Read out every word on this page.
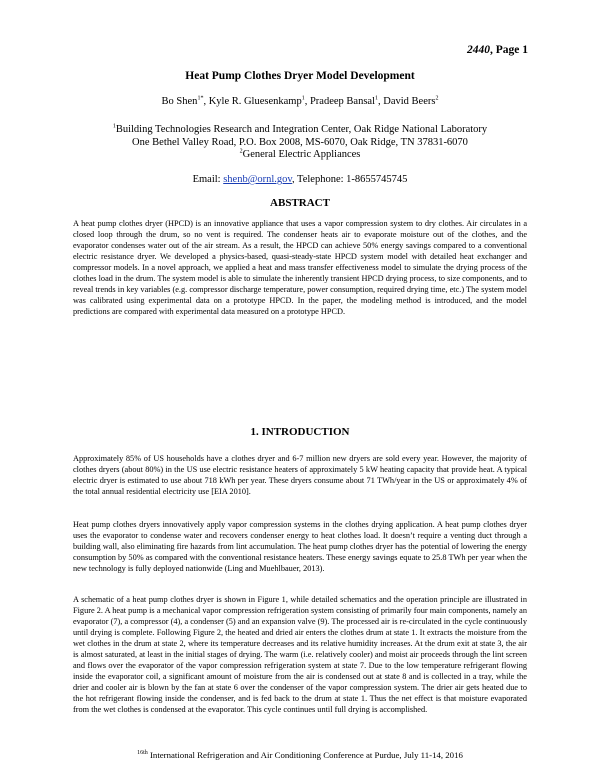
2440, Page 1
Heat Pump Clothes Dryer Model Development
Bo Shen$^{1*}$, Kyle R. Gluesenkamp$^1$, Pradeep Bansal$^1$, David Beers$^2$
$^1$Building Technologies Research and Integration Center, Oak Ridge National Laboratory
One Bethel Valley Road, P.O. Box 2008, MS-6070, Oak Ridge, TN 37831-6070
$^2$General Electric Appliances
Email: shenb@ornl.gov, Telephone: 1-8655745745
ABSTRACT

A heat pump clothes dryer (HPCD) is an innovative appliance that uses a vapor compression system to dry clothes. Air circulates in a closed loop through the drum, so no vent is required. The condenser heats air to evaporate moisture out of the clothes, and the evaporator condenses water out of the air stream. As a result, the HPCD can achieve 50% energy savings compared to a conventional electric resistance dryer. We developed a physics-based, quasi-steady-state HPCD system model with detailed heat exchanger and compressor models. In a novel approach, we applied a heat and mass transfer effectiveness model to simulate the drying process of the clothes load in the drum. The system model is able to simulate the inherently transient HPCD drying process, to size components, and to reveal trends in key variables (e.g. compressor discharge temperature, power consumption, required drying time, etc.) The system model was calibrated using experimental data on a prototype HPCD. In the paper, the modeling method is introduced, and the model predictions are compared with experimental data measured on a prototype HPCD.

1. INTRODUCTION

Approximately 85% of US households have a clothes dryer and 6-7 million new dryers are sold every year. However, the majority of clothes dryers (about 80%) in the US use electric resistance heaters of approximately 5 kW heating capacity that provide heat. A typical electric dryer is estimated to use about 718 kWh per year. These dryers consume about 71 TWh/year in the US or approximately 4% of the total annual residential electricity use [EIA 2010].

Heat pump clothes dryers innovatively apply vapor compression systems in the clothes drying application. A heat pump clothes dryer uses the evaporator to condense water and recovers condenser energy to heat clothes load. It doesn’t require a venting duct through a building wall, also eliminating fire hazards from lint accumulation. The heat pump clothes dryer has the potential of lowering the energy consumption by 50% as compared with the conventional resistance heaters. These energy savings equate to 25.8 TWh per year when the new technology is fully deployed nationwide (Ling and Muehlbauer, 2013).

A schematic of a heat pump clothes dryer is shown in Figure 1, while detailed schematics and the operation principle are illustrated in Figure 2. A heat pump is a mechanical vapor compression refrigeration system consisting of primarily four main components, namely an evaporator (7), a compressor (4), a condenser (5) and an expansion valve (9). The processed air is re-circulated in the cycle continuously until drying is complete. Following Figure 2, the heated and dried air enters the clothes drum at state 1. It extracts the moisture from the wet clothes in the drum at state 2, where its temperature decreases and its relative humidity increases. At the drum exit at state 3, the air is almost saturated, at least in the initial stages of drying. The warm (i.e. relatively cooler) and moist air proceeds through the lint screen and flows over the evaporator of the vapor compression refrigeration system at state 7. Due to the low temperature refrigerant flowing inside the evaporator coil, a significant amount of moisture from the air is condensed out at state 8 and is collected in a tray, while the drier and cooler air is blown by the fan at state 6 over the condenser of the vapor compression system. The drier air gets heated due to the hot refrigerant flowing inside the condenser, and is fed back to the drum at state 1. Thus the net effect is that moisture evaporated from the wet clothes is condensed at the evaporator. This cycle continues until full drying is accomplished.

$^{16th}$ International Refrigeration and Air Conditioning Conference at Purdue, July 11-14, 2016
